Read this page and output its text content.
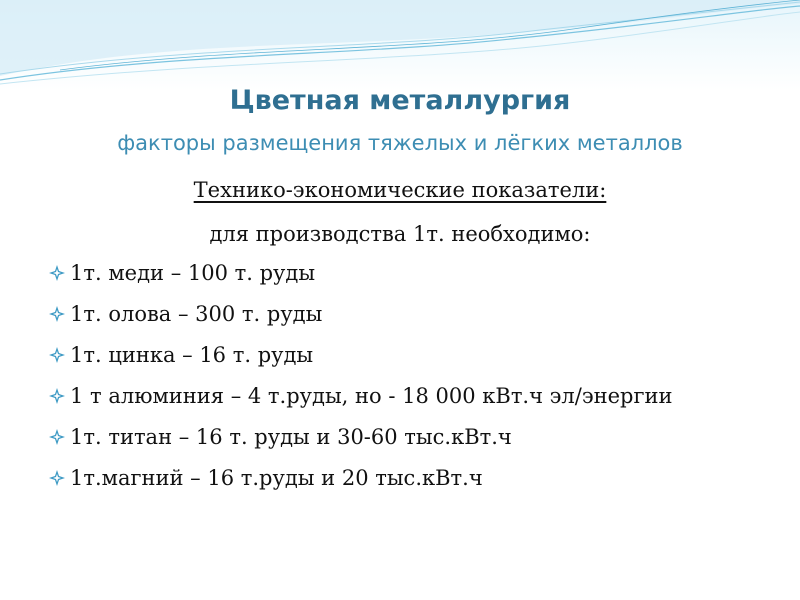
Цветная металлургия
факторы размещения тяжелых и лёгких металлов
Технико-экономические показатели:
для производства 1т. необходимо:
1т. меди – 100 т. руды
1т. олова – 300 т. руды
1т. цинка – 16 т. руды
1 т алюминия – 4 т.руды, но - 18 000 кВт.ч эл/энергии
1т. титан – 16 т. руды и 30-60 тыс.кВт.ч
1т.магний – 16 т.руды и 20 тыс.кВт.ч
